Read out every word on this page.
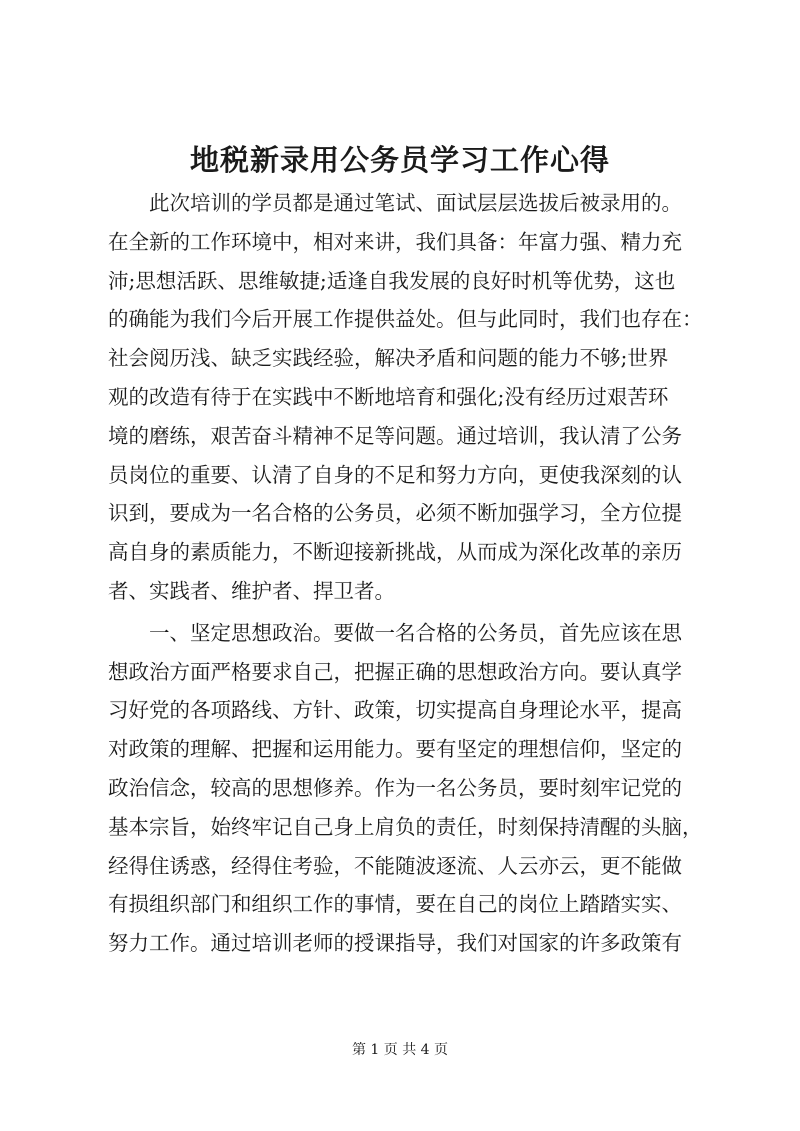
地税新录用公务员学习工作心得
此次培训的学员都是通过笔试、面试层层选拔后被录用的。
在全新的工作环境中，相对来讲，我们具备：年富力强、精力充
沛;思想活跃、思维敏捷;适逢自我发展的良好时机等优势，这也
的确能为我们今后开展工作提供益处。但与此同时，我们也存在：
社会阅历浅、缺乏实践经验，解决矛盾和问题的能力不够;世界
观的改造有待于在实践中不断地培育和强化;没有经历过艰苦环
境的磨练，艰苦奋斗精神不足等问题。通过培训，我认清了公务
员岗位的重要、认清了自身的不足和努力方向，更使我深刻的认
识到，要成为一名合格的公务员，必须不断加强学习，全方位提
高自身的素质能力，不断迎接新挑战，从而成为深化改革的亲历
者、实践者、维护者、捍卫者。
一、坚定思想政治。要做一名合格的公务员，首先应该在思
想政治方面严格要求自己，把握正确的思想政治方向。要认真学
习好党的各项路线、方针、政策，切实提高自身理论水平，提高
对政策的理解、把握和运用能力。要有坚定的理想信仰，坚定的
政治信念，较高的思想修养。作为一名公务员，要时刻牢记党的
基本宗旨，始终牢记自己身上肩负的责任，时刻保持清醒的头脑，
经得住诱惑，经得住考验，不能随波逐流、人云亦云，更不能做
有损组织部门和组织工作的事情，要在自己的岗位上踏踏实实、
努力工作。通过培训老师的授课指导，我们对国家的许多政策有
第 1 页 共 4 页
